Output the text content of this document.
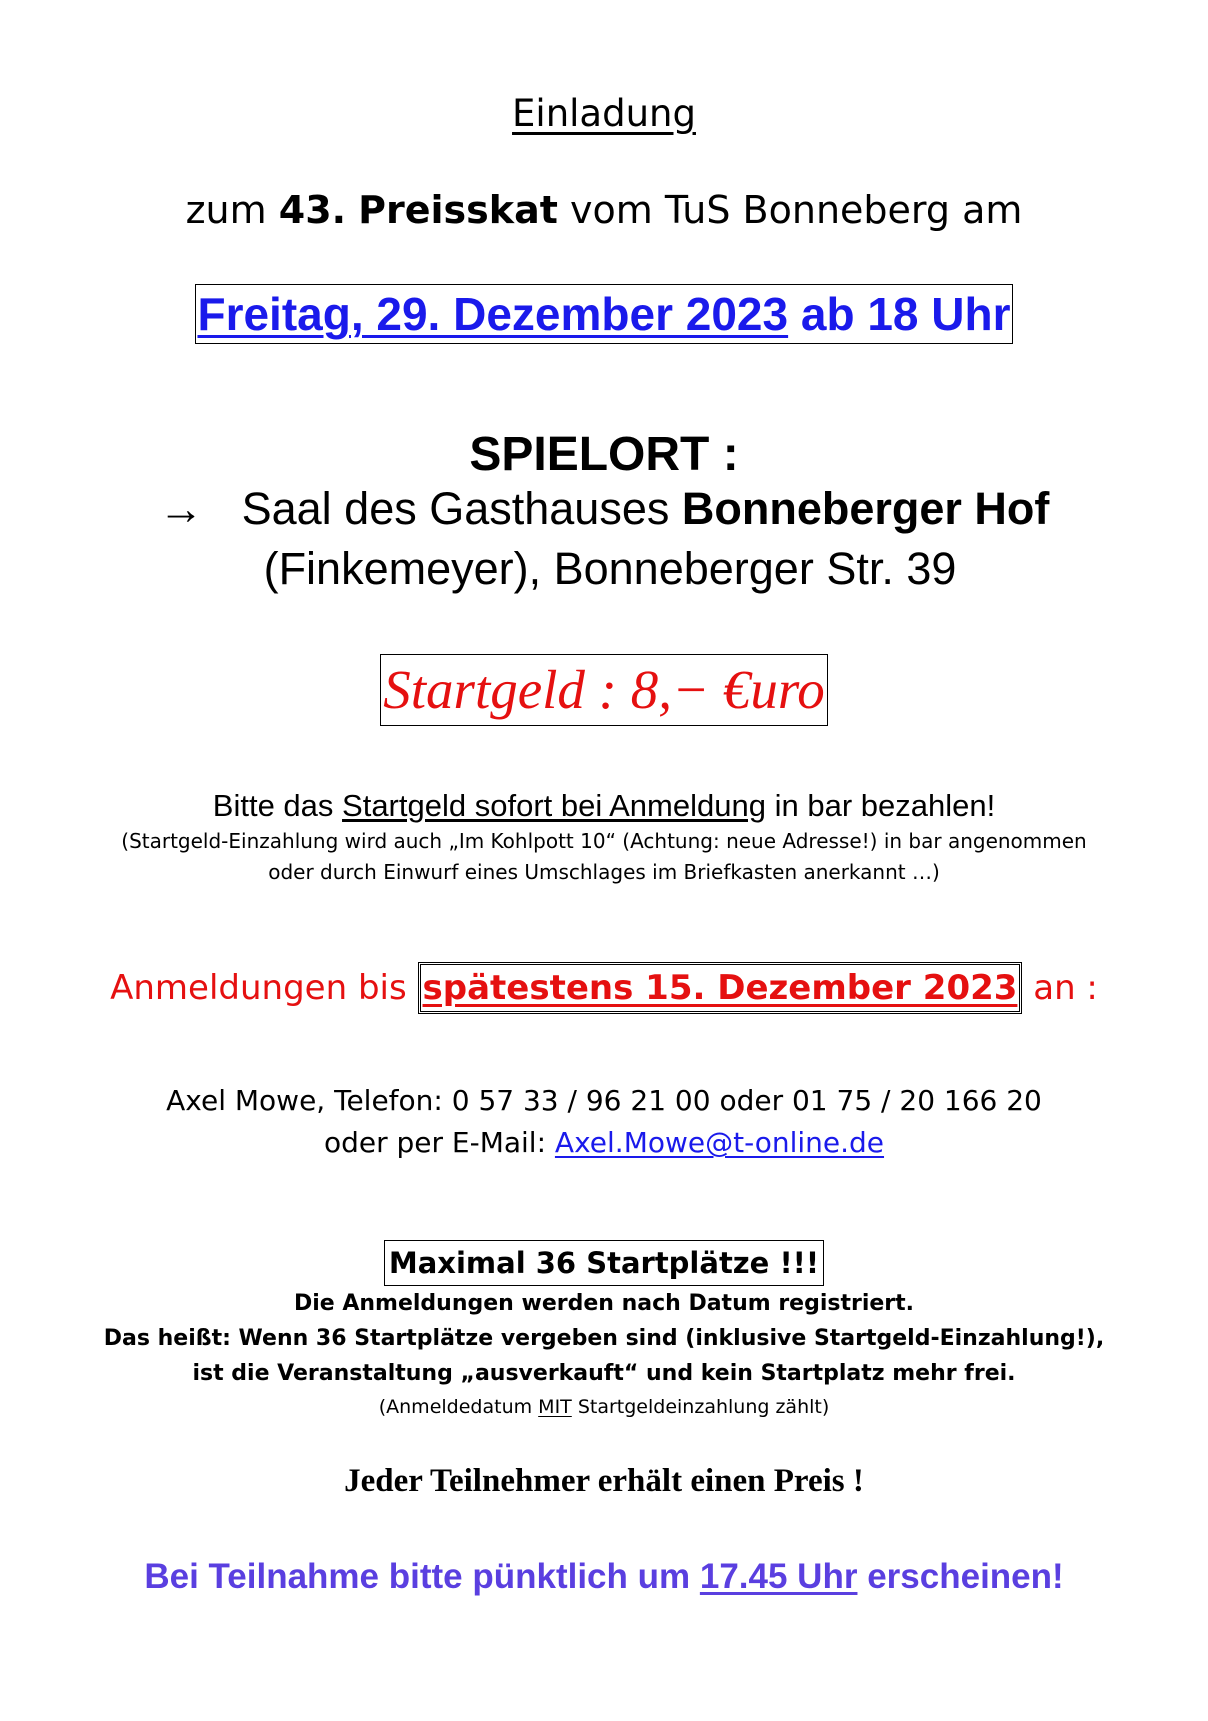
Einladung
zum 43. Preisskat vom TuS Bonneberg am
Freitag, 29. Dezember 2023 ab 18 Uhr
SPIELORT :
→ Saal des Gasthauses Bonneberger Hof
(Finkemeyer), Bonneberger Str. 39
Startgeld : 8,− €uro
Bitte das Startgeld sofort bei Anmeldung in bar bezahlen!
(Startgeld-Einzahlung wird auch „Im Kohlpott 10“ (Achtung: neue Adresse!) in bar angenommen
oder durch Einwurf eines Umschlages im Briefkasten anerkannt …)
Anmeldungen bis spätestens 15. Dezember 2023 an :
Axel Mowe, Telefon: 0 57 33 / 96 21 00 oder 01 75 / 20 166 20
oder per E-Mail: Axel.Mowe@t-online.de
Maximal 36 Startplätze !!!
Die Anmeldungen werden nach Datum registriert.
Das heißt: Wenn 36 Startplätze vergeben sind (inklusive Startgeld-Einzahlung!),
ist die Veranstaltung „ausverkauft“ und kein Startplatz mehr frei.
(Anmeldedatum MIT Startgeldeinzahlung zählt)
Jeder Teilnehmer erhält einen Preis !
Bei Teilnahme bitte pünktlich um 17.45 Uhr erscheinen!
